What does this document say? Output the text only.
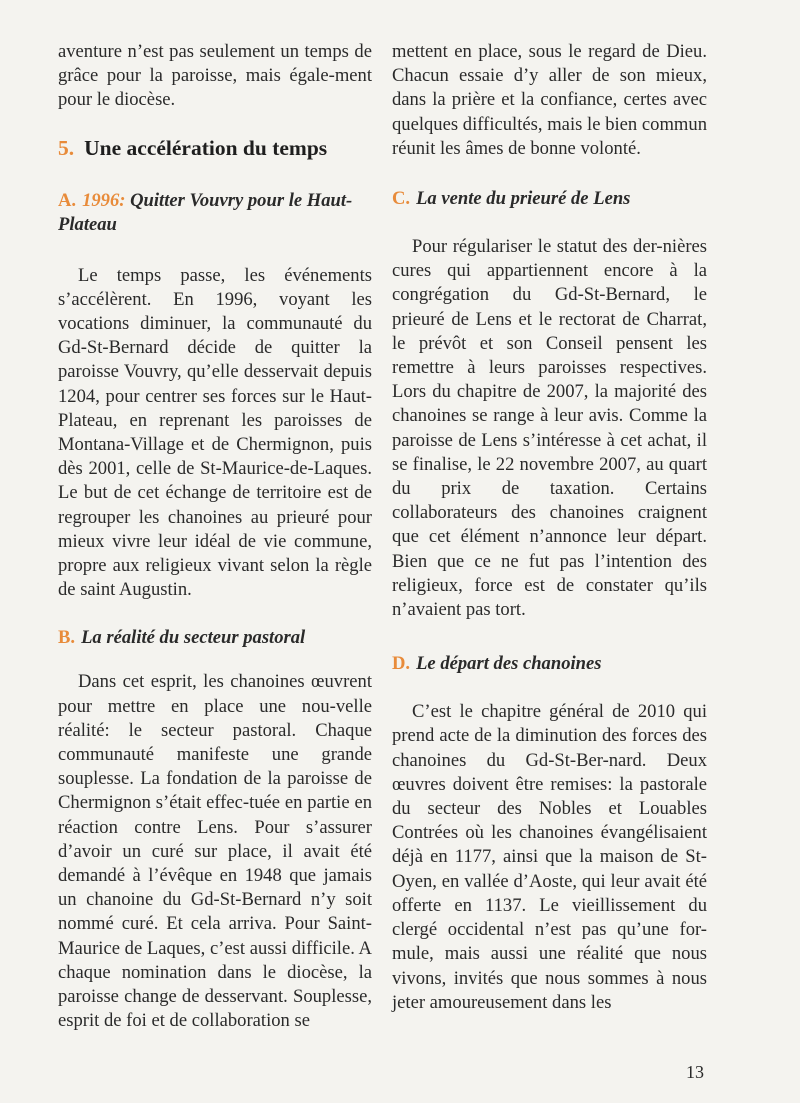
aventure n’est pas seulement un temps de grâce pour la paroisse, mais égale-ment pour le diocèse.

5. Une accélération du temps
A. 1996: Quitter Vouvry pour le Haut-Plateau

Le temps passe, les événements s’accélèrent. En 1996, voyant les vocations diminuer, la communauté du Gd-St-Bernard décide de quitter la paroisse Vouvry, qu’elle desservait depuis 1204, pour centrer ses forces sur le Haut-Plateau, en reprenant les paroisses de Montana-Village et de Chermignon, puis dès 2001, celle de St-Maurice-de-Laques. Le but de cet échange de territoire est de regrouper les chanoines au prieuré pour mieux vivre leur idéal de vie commune, propre aux religieux vivant selon la règle de saint Augustin.

B. La réalité du secteur pastoral

Dans cet esprit, les chanoines œuvrent pour mettre en place une nou-velle réalité: le secteur pastoral. Chaque communauté manifeste une grande souplesse. La fondation de la paroisse de Chermignon s’était effec-tuée en partie en réaction contre Lens. Pour s’assurer d’avoir un curé sur place, il avait été demandé à l’évêque en 1948 que jamais un chanoine du Gd-St-Bernard n’y soit nommé curé. Et cela arriva. Pour Saint-Maurice de Laques, c’est aussi difficile. A chaque nomination dans le diocèse, la paroisse change de desservant. Souplesse, esprit de foi et de collaboration se

mettent en place, sous le regard de Dieu. Chacun essaie d’y aller de son mieux, dans la prière et la confiance, certes avec quelques difficultés, mais le bien commun réunit les âmes de bonne volonté.

C. La vente du prieuré de Lens

Pour régulariser le statut des der-nières cures qui appartiennent encore à la congrégation du Gd-St-Bernard, le prieuré de Lens et le rectorat de Charrat, le prévôt et son Conseil pensent les remettre à leurs paroisses respectives. Lors du chapitre de 2007, la majorité des chanoines se range à leur avis. Comme la paroisse de Lens s’intéresse à cet achat, il se finalise, le 22 novembre 2007, au quart du prix de taxation. Certains collaborateurs des chanoines craignent que cet élément n’annonce leur départ. Bien que ce ne fut pas l’intention des religieux, force est de constater qu’ils n’avaient pas tort.

D. Le départ des chanoines

C’est le chapitre général de 2010 qui prend acte de la diminution des forces des chanoines du Gd-St-Ber-nard. Deux œuvres doivent être remises: la pastorale du secteur des Nobles et Louables Contrées où les chanoines évangélisaient déjà en 1177, ainsi que la maison de St-Oyen, en vallée d’Aoste, qui leur avait été offerte en 1137. Le vieillissement du clergé occidental n’est pas qu’une for-mule, mais aussi une réalité que nous vivons, invités que nous sommes à nous jeter amoureusement dans les

13
